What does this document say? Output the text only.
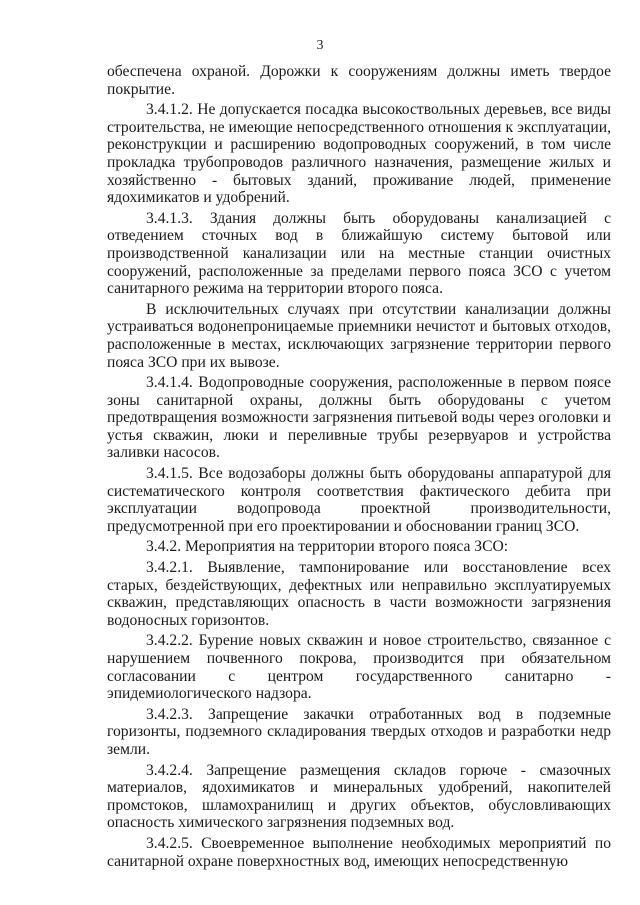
3

обеспечена охраной. Дорожки к сооружениям должны иметь твердое покрытие.

3.4.1.2. Не допускается посадка высокоствольных деревьев, все виды строительства, не имеющие непосредственного отношения к эксплуатации, реконструкции и расширению водопроводных сооружений, в том числе прокладка трубопроводов различного назначения, размещение жилых и хозяйственно - бытовых зданий, проживание людей, применение ядохимикатов и удобрений.

3.4.1.3. Здания должны быть оборудованы канализацией с отведением сточных вод в ближайшую систему бытовой или производственной канализации или на местные станции очистных сооружений, расположенные за пределами первого пояса ЗСО с учетом санитарного режима на территории второго пояса.

В исключительных случаях при отсутствии канализации должны устраиваться водонепроницаемые приемники нечистот и бытовых отходов, расположенные в местах, исключающих загрязнение территории первого пояса ЗСО при их вывозе.

3.4.1.4. Водопроводные сооружения, расположенные в первом поясе зоны санитарной охраны, должны быть оборудованы с учетом предотвращения возможности загрязнения питьевой воды через оголовки и устья скважин, люки и переливные трубы резервуаров и устройства заливки насосов.

3.4.1.5. Все водозаборы должны быть оборудованы аппаратурой для систематического контроля соответствия фактического дебита при эксплуатации водопровода проектной производительности, предусмотренной при его проектировании и обосновании границ ЗСО.

3.4.2. Мероприятия на территории второго пояса ЗСО:

3.4.2.1. Выявление, тампонирование или восстановление всех старых, бездействующих, дефектных или неправильно эксплуатируемых скважин, представляющих опасность в части возможности загрязнения водоносных горизонтов.

3.4.2.2. Бурение новых скважин и новое строительство, связанное с нарушением почвенного покрова, производится при обязательном согласовании с центром государственного санитарно - эпидемиологического надзора.

3.4.2.3. Запрещение закачки отработанных вод в подземные горизонты, подземного складирования твердых отходов и разработки недр земли.

3.4.2.4. Запрещение размещения складов горюче - смазочных материалов, ядохимикатов и минеральных удобрений, накопителей промстоков, шламохранилищ и других объектов, обусловливающих опасность химического загрязнения подземных вод.

3.4.2.5. Своевременное выполнение необходимых мероприятий по санитарной охране поверхностных вод, имеющих непосредственную
